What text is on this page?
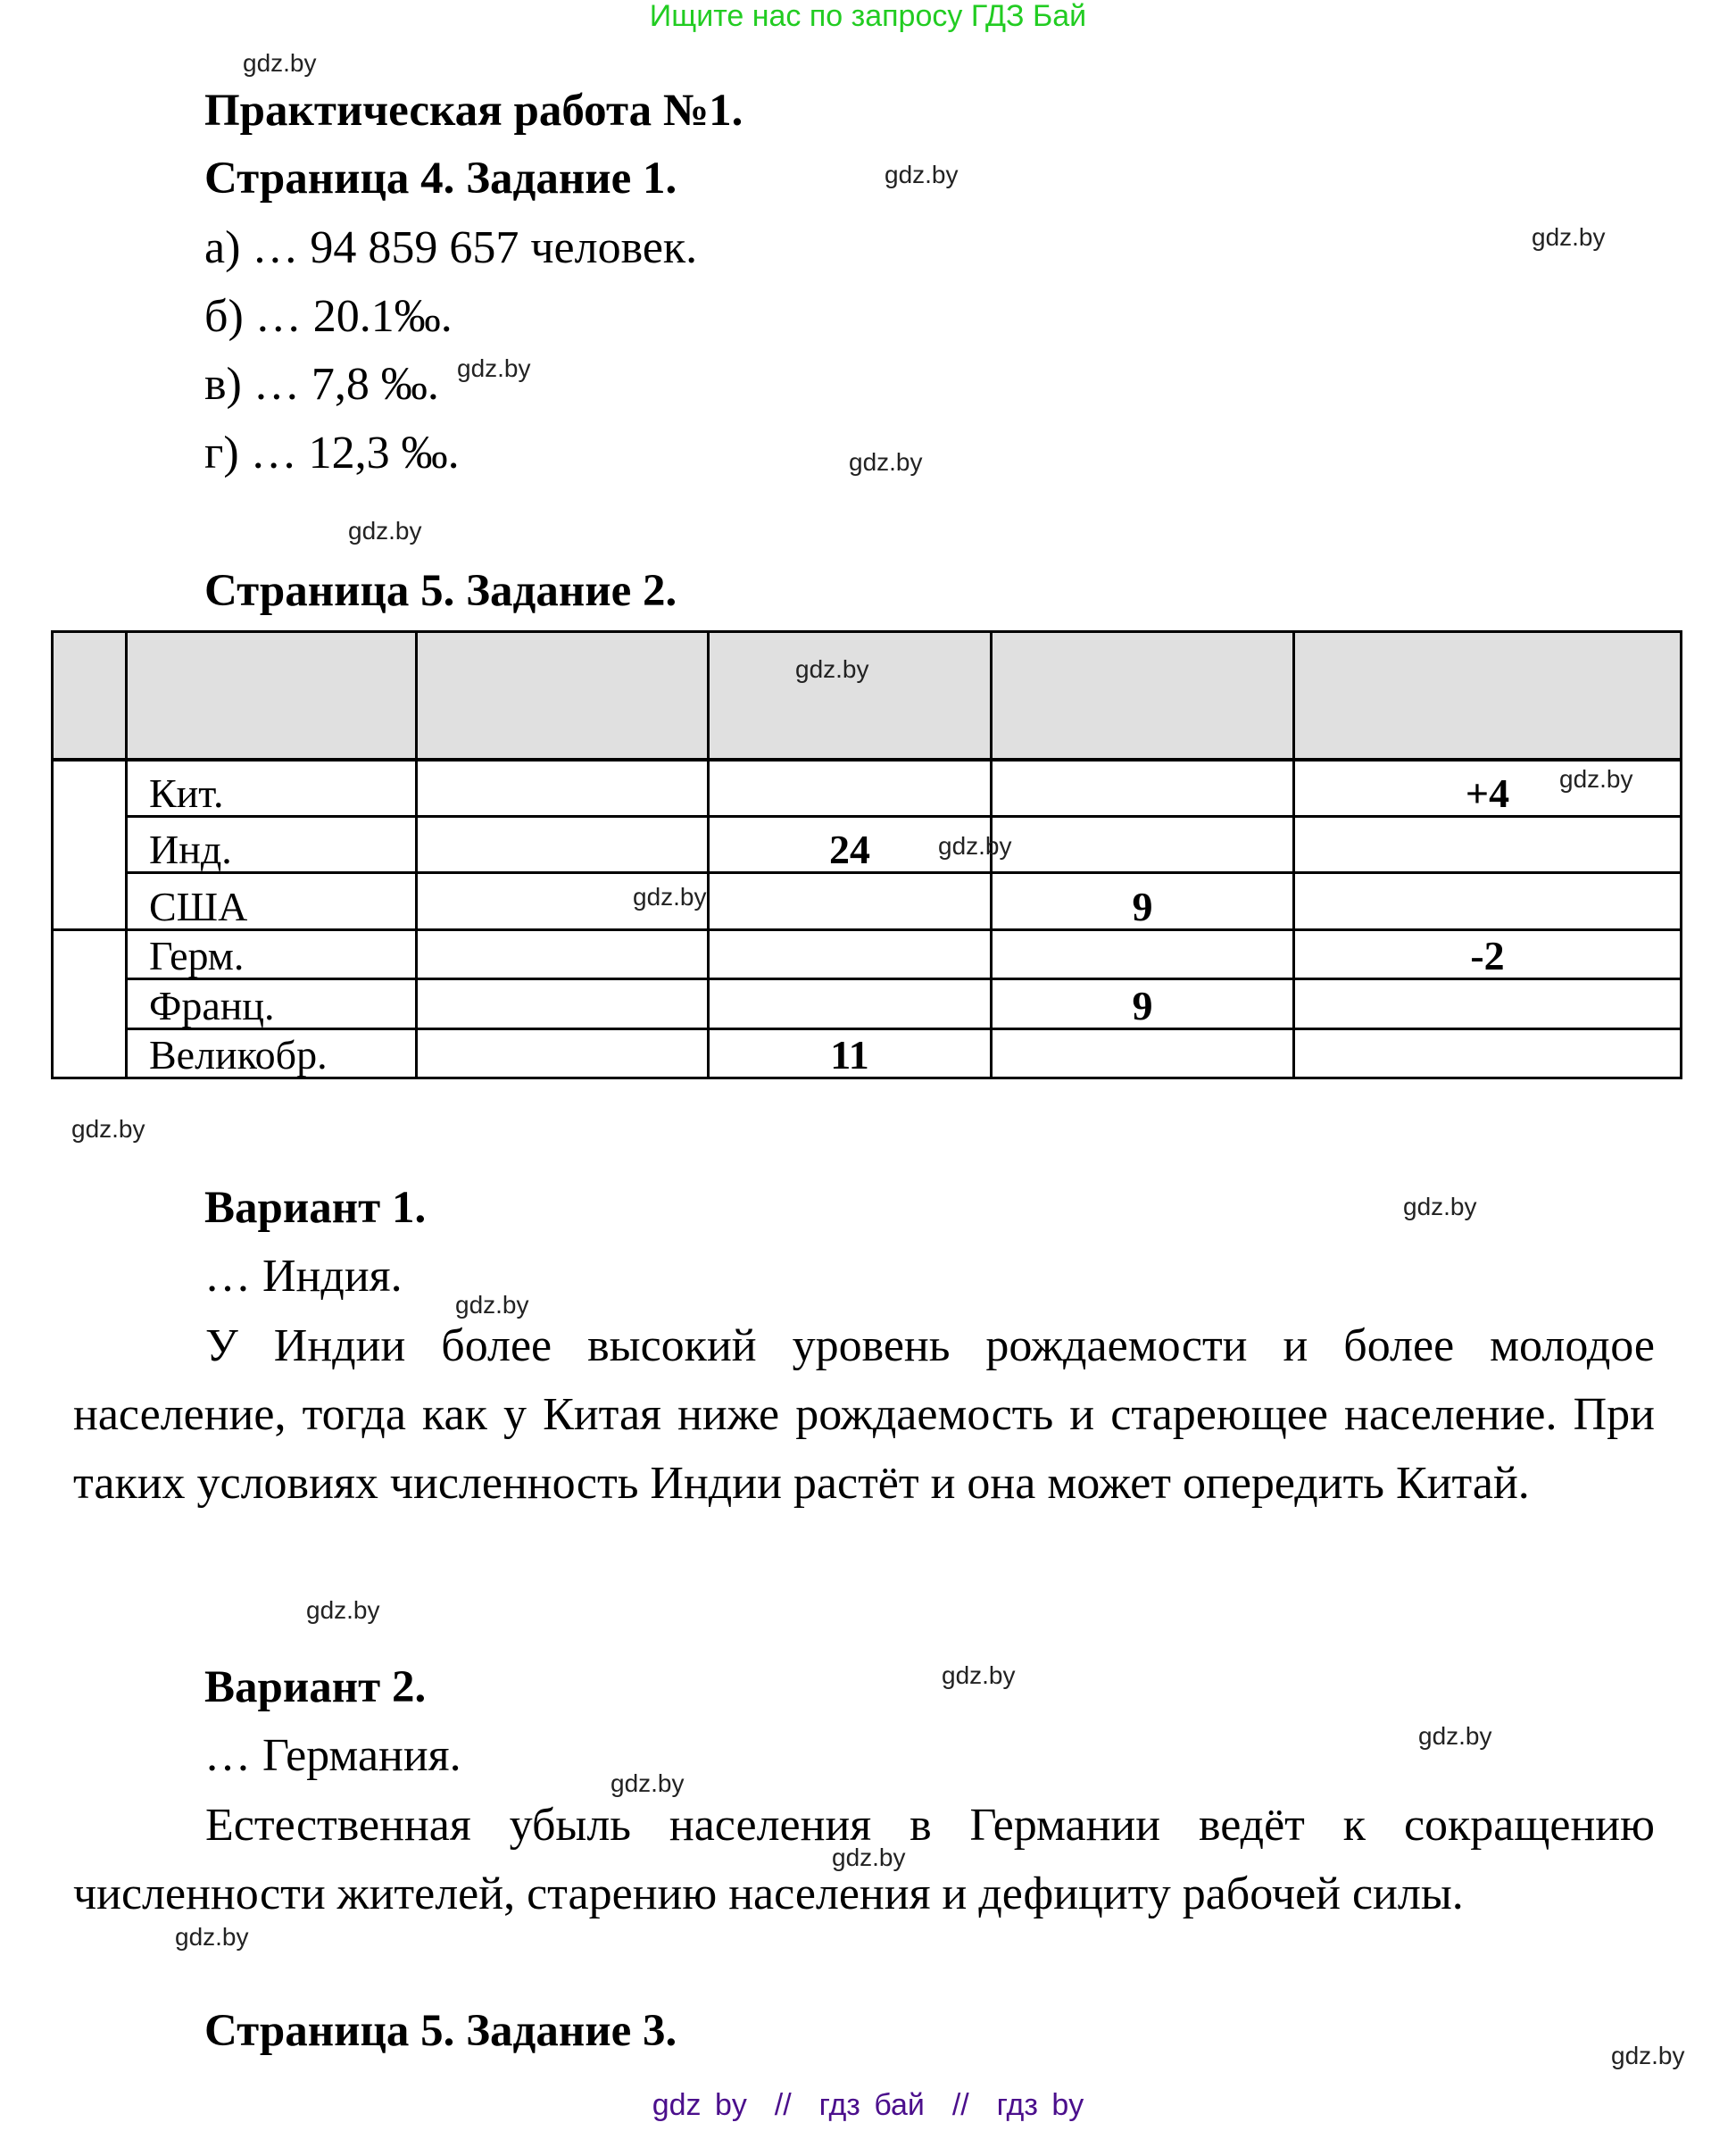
Ищите нас по запросу ГДЗ Бай
gdz.by
gdz.by
gdz.by
gdz.by
gdz.by
gdz.by
gdz.by
gdz.by
gdz.by
gdz.by
gdz.by
gdz.by
gdz.by
gdz.by
gdz.by
gdz.by
gdz.by
gdz.by
gdz.by
gdz.by
Практическая работа №1.
Страница 4. Задание 1.
а) … 94 859 657 человек.
б) … 20.1‰.
в) … 7,8 ‰.
г) … 12,3 ‰.
Страница 5. Задание 2.

	Кит.				+4
	Инд.		24		
	США			9	
	Герм.				-2
	Франц.			9	
	Великобр.		11		
Вариант 1.
… Индия.
У Индии более высокий уровень рождаемости и более молодое население, тогда как у Китая ниже рождаемость и стареющее население. При таких условиях численность Индии растёт и она может опередить Китай.
Вариант 2.
… Германия.
Естественная убыль населения в Германии ведёт к сокращению численности жителей, старению населения и дефициту рабочей силы.
Страница 5. Задание 3.
gdz by  //  гдз бай  //  гдз by
